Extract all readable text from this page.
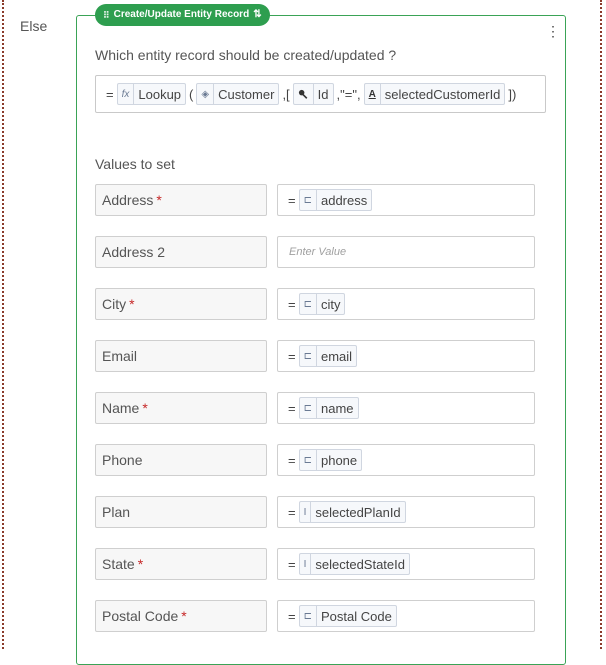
Else
⠿ Create/Update Entity Record ⇅
⋮
Which entity record should be created/updated ?
= fx Lookup ( ◈ Customer ,[	Id ,"=", A selectedCustomerId ])
Values to set
Address *	= ⊏ address
Address 2	Enter Value
City *	= ⊏ city
Email	= ⊏ email
Name *	= ⊏ name
Phone	= ⊏ phone
Plan	= I selectedPlanId
State *	= I selectedStateId
Postal Code *	= ⊏ Postal Code
